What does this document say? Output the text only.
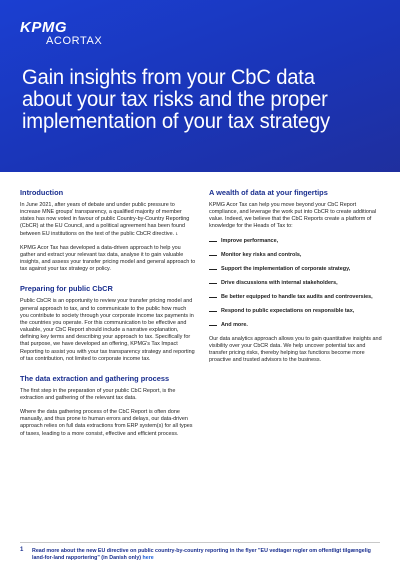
KPMG
ACORTAX
Gain insights from your CbC data about your tax risks and the proper implementation of your tax strategy
Introduction

In June 2021, after years of debate and under public pressure to increase MNE groups' transparency, a qualified majority of member states has now voted in favour of public Country-by-Country Reporting (CbCR) at the EU Council, and a political agreement has been found between EU institutions on the text of the public CbCR directive. $^1$

KPMG Acor Tax has developed a data-driven approach to help you gather and extract your relevant tax data, analyse it to gain valuable insights, and assess your transfer pricing model and general approach to tax against your tax strategy or policy.

Preparing for public CbCR

Public CbCR is an opportunity to review your transfer pricing model and general approach to tax, and to communicate to the public how much you contribute to society through your corporate income tax payments in the countries you operate. For this communication to be effective and valuable, your CbC Report should include a narrative explanation, defining key terms and describing your approach to tax. Specifically for that purpose, we have developed an offering, KPMG's Tax Impact Reporting to assist you with your tax transparency strategy and reporting of tax contribution, not limited to corporate income tax.

The data extraction and gathering process

The first step in the preparation of your public CbC Report, is the extraction and gathering of the relevant tax data.

Where the data gathering process of the CbC Report is often done manually, and thus prone to human errors and delays, our data-driven approach relies on full data extractions from ERP system(s) for all types of taxes, leading to a more consist, effective and efficient process.

A wealth of data at your fingertips

KPMG Acor Tax can help you move beyond your CbC Report compliance, and leverage the work put into CbCR to create additional value. Indeed, we believe that the CbC Reports create a platform of knowledge for the Heads of Tax to:

Improve performance,
Monitor key risks and controls,
Support the implementation of corporate strategy,
Drive discussions with internal stakeholders,
Be better equipped to handle tax audits and controversies,
Respond to public expectations on responsible tax,
And more.

Our data analytics approach allows you to gain quantitative insights and visibility over your CbCR data. We help uncover potential tax and transfer pricing risks, thereby helping tax functions become more proactive and trusted advisors to the business.

1 Read more about the new EU directive on public country-by-country reporting in the flyer "EU vedtager regler om offentligt tilgængelig land-for-land rapportering" (in Danish only) here
